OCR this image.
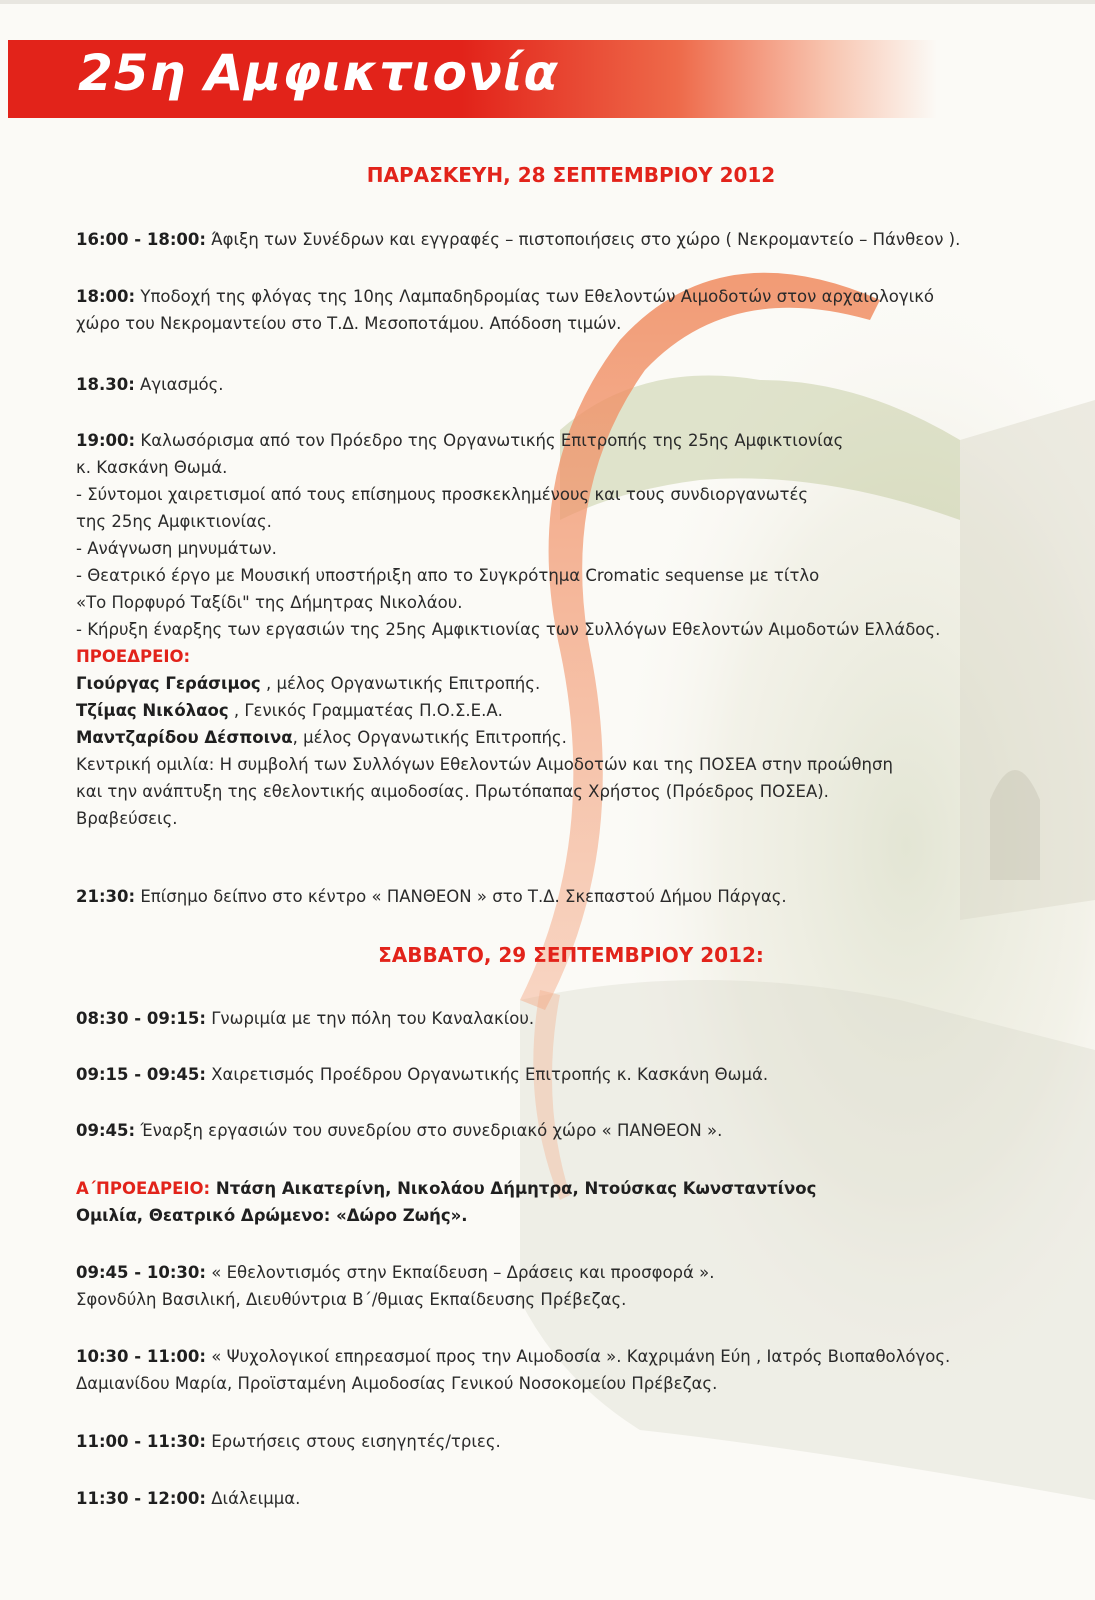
25η Αμφικτιονία
ΠΑΡΑΣΚΕΥΗ, 28 ΣΕΠΤΕΜΒΡΙΟΥ 2012
16:00 - 18:00: Άφιξη των Συνέδρων και εγγραφές – πιστοποιήσεις στο χώρο ( Νεκρομαντείο – Πάνθεον ).
18:00: Υποδοχή της φλόγας της 10ης Λαμπαδηδρομίας των Εθελοντών Αιμοδοτών στον αρχαιολογικό
χώρο του Νεκρομαντείου στο Τ.Δ. Μεσοποτάμου. Απόδοση τιμών.
18.30: Αγιασμός.
19:00: Καλωσόρισμα από τον Πρόεδρο της Οργανωτικής Επιτροπής της 25ης Αμφικτιονίας
κ. Κασκάνη Θωμά.
- Σύντομοι χαιρετισμοί από τους επίσημους προσκεκλημένους και τους συνδιοργανωτές
της 25ης Αμφικτιονίας.
- Ανάγνωση μηνυμάτων.
- Θεατρικό έργο με Μουσική υποστήριξη απο το Συγκρότημα Cromatic sequense με τίτλο
«Το Πορφυρό Ταξίδι" της Δήμητρας Νικολάου.
- Κήρυξη έναρξης των εργασιών της 25ης Αμφικτιονίας των Συλλόγων Εθελοντών Αιμοδοτών Ελλάδος.
ΠΡΟΕΔΡΕΙΟ:
Γιούργας Γεράσιμος , μέλος Οργανωτικής Επιτροπής.
Τζίμας Νικόλαος , Γενικός Γραμματέας Π.Ο.Σ.Ε.Α.
Μαντζαρίδου Δέσποινα, μέλος Οργανωτικής Επιτροπής.
Κεντρική ομιλία: Η συμβολή των Συλλόγων Εθελοντών Αιμοδοτών και της ΠΟΣΕΑ στην προώθηση
και την ανάπτυξη της εθελοντικής αιμοδοσίας. Πρωτόπαπας Χρήστος (Πρόεδρος ΠΟΣΕΑ).
Βραβεύσεις.
21:30: Επίσημο δείπνο στο κέντρο « ΠΑΝΘΕΟΝ » στο Τ.Δ. Σκεπαστού Δήμου Πάργας.
ΣΑΒΒΑΤΟ, 29 ΣΕΠΤΕΜΒΡΙΟΥ 2012:
08:30 - 09:15: Γνωριμία με την πόλη του Καναλακίου.
09:15 - 09:45: Χαιρετισμός Προέδρου Οργανωτικής Επιτροπής κ. Κασκάνη Θωμά.
09:45: Έναρξη εργασιών του συνεδρίου στο συνεδριακό χώρο « ΠΑΝΘΕΟΝ ».
Α΄ΠΡΟΕΔΡΕΙΟ: Ντάση Αικατερίνη, Νικολάου Δήμητρα, Ντούσκας Κωνσταντίνος
Ομιλία, Θεατρικό Δρώμενο: «Δώρο Ζωής».
09:45 - 10:30: « Εθελοντισμός στην Εκπαίδευση – Δράσεις και προσφορά ».
Σφονδύλη Βασιλική, Διευθύντρια Β΄/θμιας Εκπαίδευσης Πρέβεζας.
10:30 - 11:00: « Ψυχολογικοί επηρεασμοί προς την Αιμοδοσία ». Καχριμάνη Εύη , Ιατρός Βιοπαθολόγος.
Δαμιανίδου Μαρία, Προϊσταμένη Αιμοδοσίας Γενικού Νοσοκομείου Πρέβεζας.
11:00 - 11:30: Ερωτήσεις στους εισηγητές/τριες.
11:30 - 12:00: Διάλειμμα.
